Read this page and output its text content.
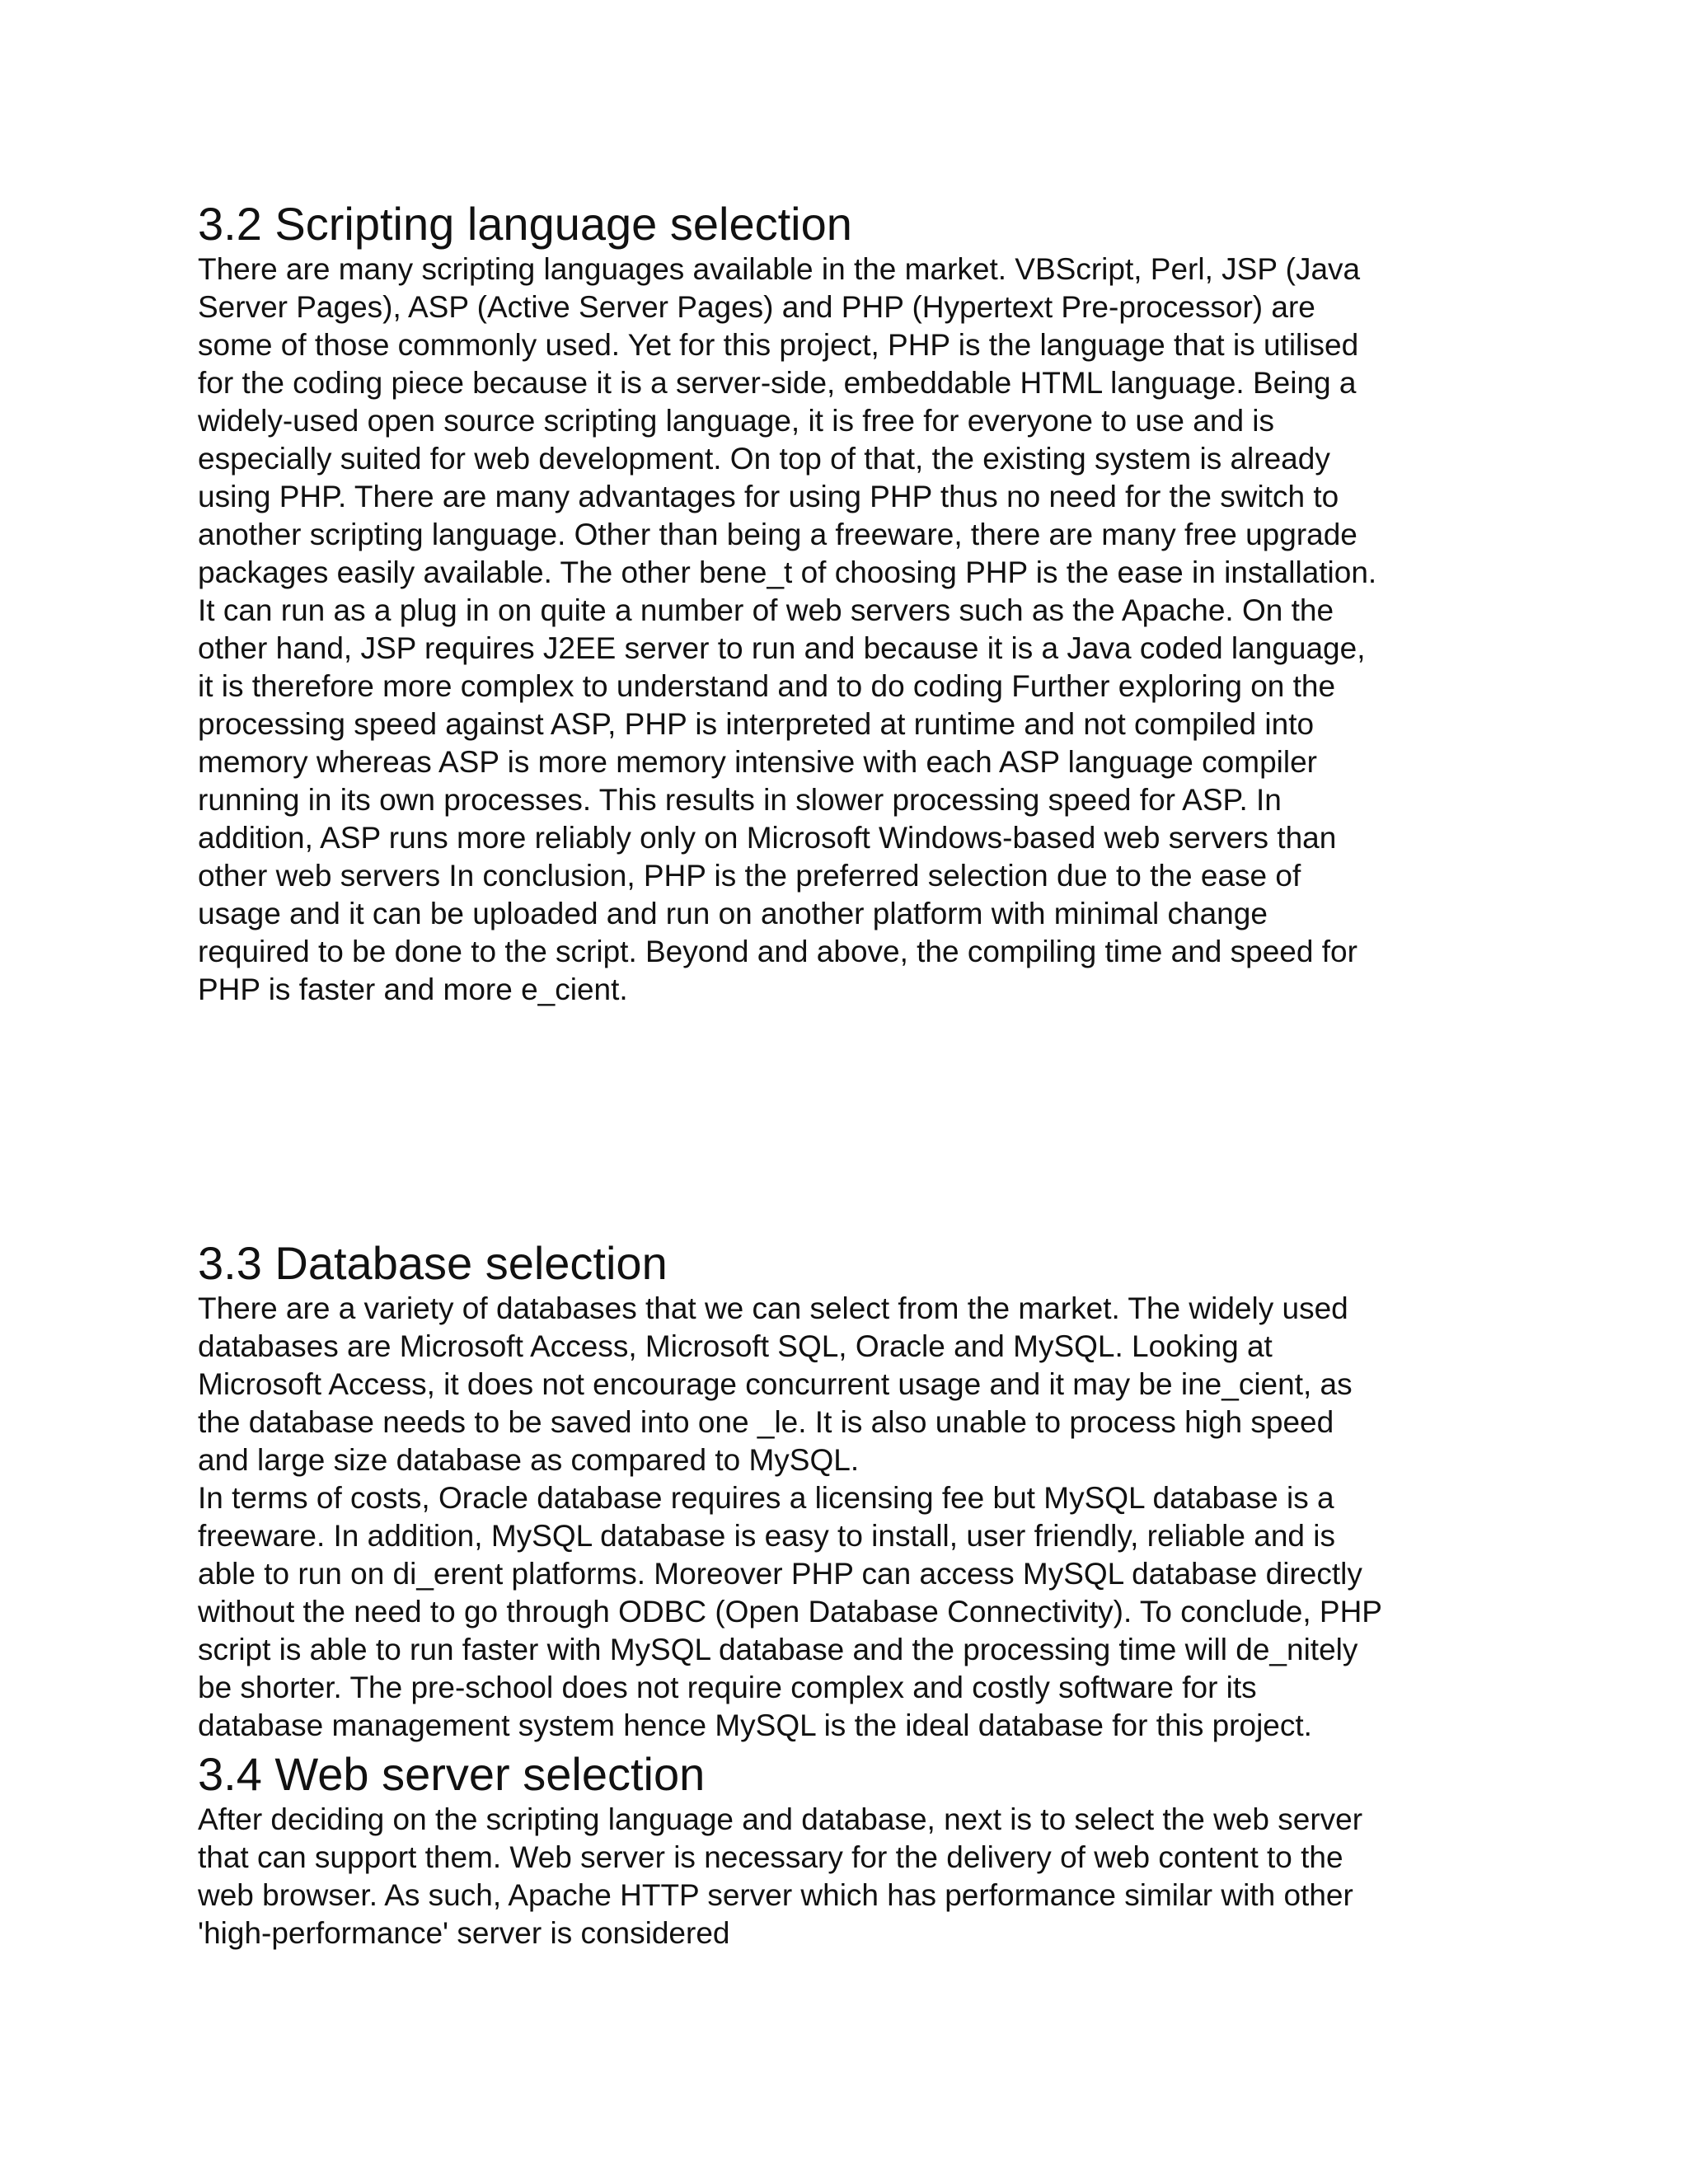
3.2 Scripting language selection

There are many scripting languages available in the market. VBScript, Perl, JSP (Java
Server Pages), ASP (Active Server Pages) and PHP (Hypertext Pre-processor) are
some of those commonly used. Yet for this project, PHP is the language that is utilised
for the coding piece because it is a server-side, embeddable HTML language. Being a
widely-used open source scripting language, it is free for everyone to use and is
especially suited for web development. On top of that, the existing system is already
using PHP. There are many advantages for using PHP thus no need for the switch to
another scripting language. Other than being a freeware, there are many free upgrade
packages easily available. The other bene_t of choosing PHP is the ease in installation.
It can run as a plug in on quite a number of web servers such as the Apache. On the
other hand, JSP requires J2EE server to run and because it is a Java coded language,
it is therefore more complex to understand and to do coding Further exploring on the
processing speed against ASP, PHP is interpreted at runtime and not compiled into
memory whereas ASP is more memory intensive with each ASP language compiler
running in its own processes. This results in slower processing speed for ASP. In
addition, ASP runs more reliably only on Microsoft Windows-based web servers than
other web servers In conclusion, PHP is the preferred selection due to the ease of
usage and it can be uploaded and run on another platform with minimal change
required to be done to the script. Beyond and above, the compiling time and speed for
PHP is faster and more e_cient.

3.3 Database selection

There are a variety of databases that we can select from the market. The widely used
databases are Microsoft Access, Microsoft SQL, Oracle and MySQL. Looking at
Microsoft Access, it does not encourage concurrent usage and it may be ine_cient, as
the database needs to be saved into one _le. It is also unable to process high speed
and large size database as compared to MySQL.
In terms of costs, Oracle database requires a licensing fee but MySQL database is a
freeware. In addition, MySQL database is easy to install, user friendly, reliable and is
able to run on di_erent platforms. Moreover PHP can access MySQL database directly
without the need to go through ODBC (Open Database Connectivity). To conclude, PHP
script is able to run faster with MySQL database and the processing time will de_nitely
be shorter. The pre-school does not require complex and costly software for its
database management system hence MySQL is the ideal database for this project.

3.4 Web server selection

After deciding on the scripting language and database, next is to select the web server
that can support them. Web server is necessary for the delivery of web content to the
web browser. As such, Apache HTTP server which has performance similar with other
'high-performance' server is considered
